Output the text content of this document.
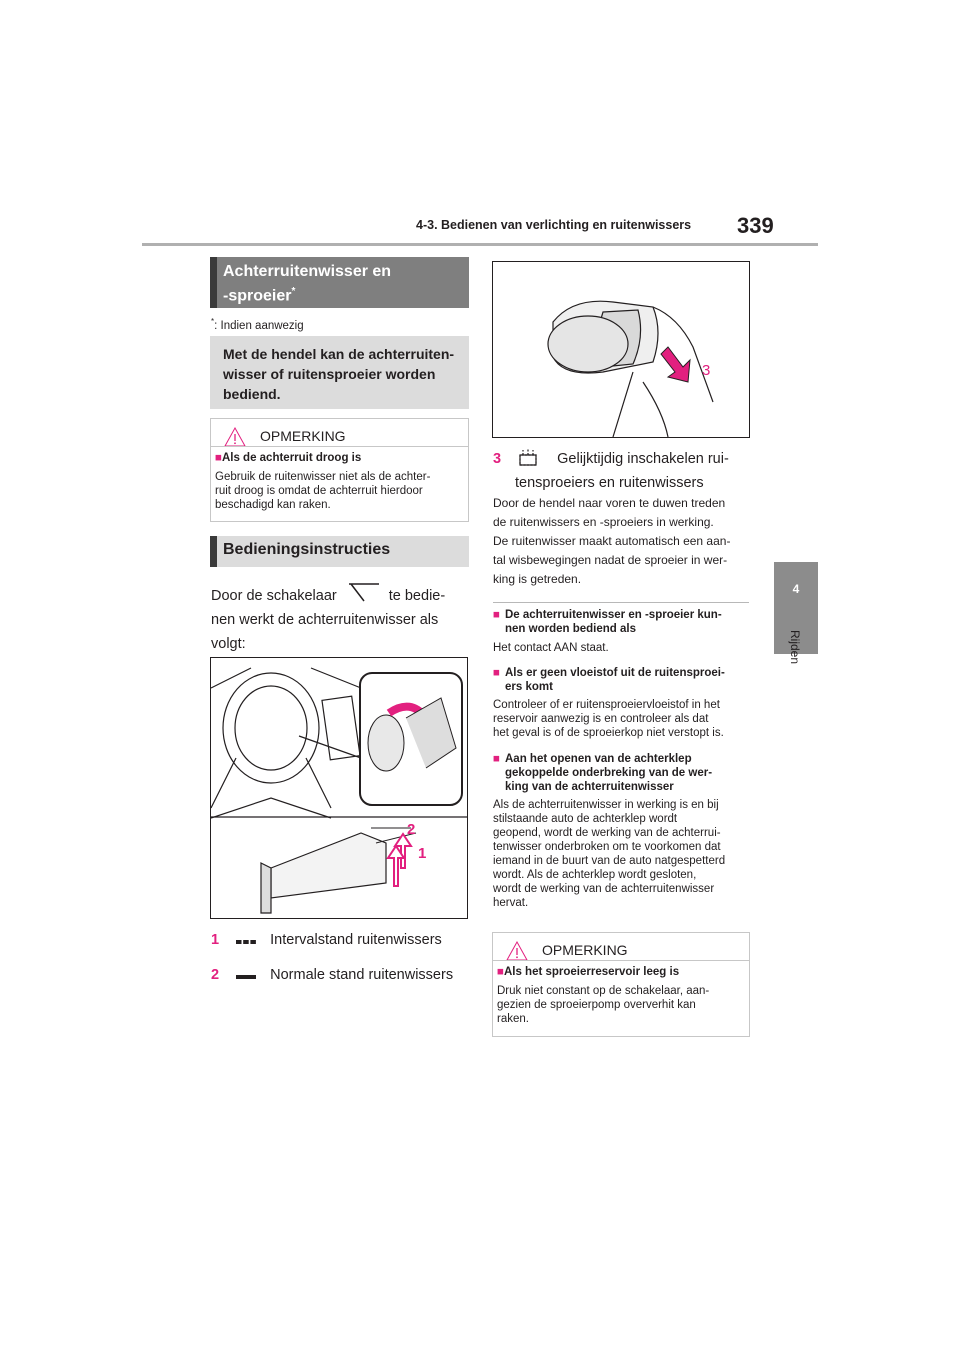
4-3. Bedienen van verlichting en ruitenwissers 339
4
Rijden
Achterruitenwisser en
-sproeier*
*: Indien aanwezig
Met de hendel kan de achterruiten-
wisser of ruitensproeier worden
bediend.
OPMERKING
■Als de achterruit droog is
Gebruik de ruitenwisser niet als de achter-
ruit droog is omdat de achterruit hierdoor
beschadigd kan raken.
Bedieningsinstructies
Door de schakelaar	te bedie-
nen werkt de achterruitenwisser als
volgt:
2
1
1	Intervalstand ruitenwissers
2	Normale stand ruitenwissers
3
3	Gelijktijdig inschakelen rui-
tensproeiers en ruitenwissers
Door de hendel naar voren te duwen treden
de ruitenwissers en -sproeiers in werking.
De ruitenwisser maakt automatisch een aan-
tal wisbewegingen nadat de sproeier in wer-
king is getreden.
■ De achterruitenwisser en -sproeier kun-
nen worden bediend als
Het contact AAN staat.
■ Als er geen vloeistof uit de ruitensproei-
ers komt
Controleer of er ruitensproeiervloeistof in het
reservoir aanwezig is en controleer als dat
het geval is of de sproeierkop niet verstopt is.
■ Aan het openen van de achterklep
gekoppelde onderbreking van de wer-
king van de achterruitenwisser
Als de achterruitenwisser in werking is en bij
stilstaande auto de achterklep wordt
geopend, wordt de werking van de achterrui-
tenwisser onderbroken om te voorkomen dat
iemand in de buurt van de auto natgespetterd
wordt. Als de achterklep wordt gesloten,
wordt de werking van de achterruitenwisser
hervat.
OPMERKING
■Als het sproeierreservoir leeg is
Druk niet constant op de schakelaar, aan-
gezien de sproeierpomp oververhit kan
raken.
